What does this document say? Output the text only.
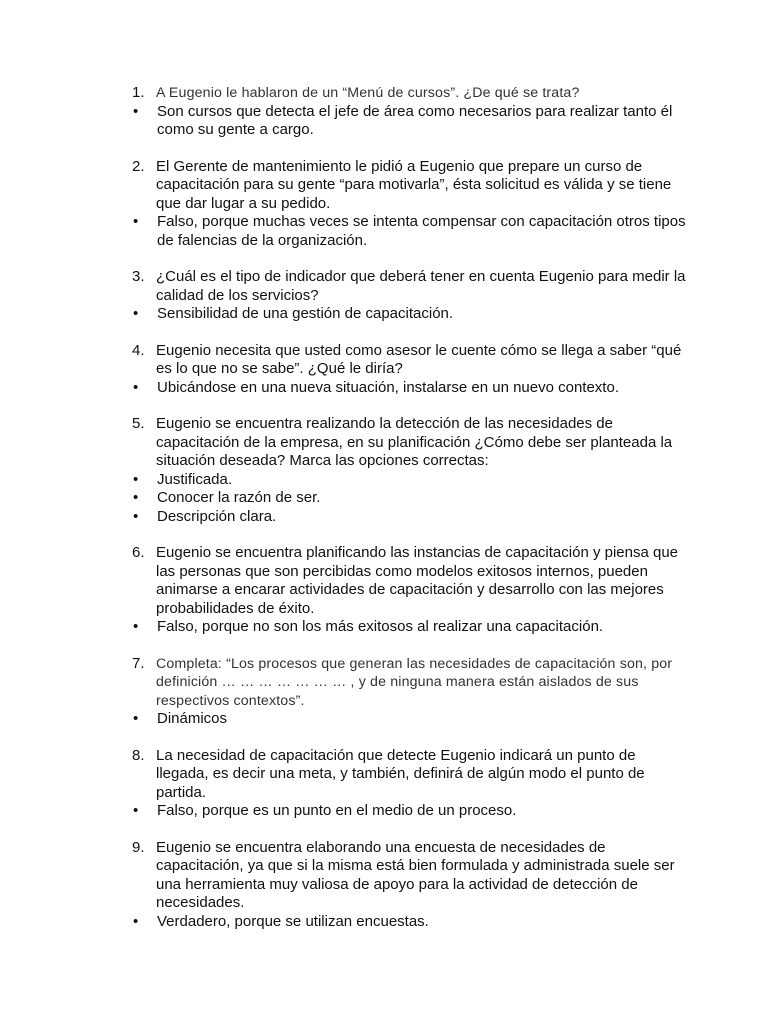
1. A Eugenio le hablaron de un “Menú de cursos”. ¿De qué se trata?
•	Son cursos que detecta el jefe de área como necesarios para realizar tanto él como su gente a cargo.
2. El Gerente de mantenimiento le pidió a Eugenio que prepare un curso de capacitación para su gente “para motivarla”, ésta solicitud es válida y se tiene que dar lugar a su pedido.
•	Falso, porque muchas veces se intenta compensar con capacitación otros tipos de falencias de la organización.
3. ¿Cuál es el tipo de indicador que deberá tener en cuenta Eugenio para medir la calidad de los servicios?
•	Sensibilidad de una gestión de capacitación.
4. Eugenio necesita que usted como asesor le cuente cómo se llega a saber “qué es lo que no se sabe”. ¿Qué le diría?
•	Ubicándose en una nueva situación, instalarse en un nuevo contexto.
5. Eugenio se encuentra realizando la detección de las necesidades de capacitación de la empresa, en su planificación ¿Cómo debe ser planteada la situación deseada? Marca las opciones correctas:
•	Justificada.
•	Conocer la razón de ser.
•	Descripción clara.
6. Eugenio se encuentra planificando las instancias de capacitación y piensa que las personas que son percibidas como modelos exitosos internos, pueden animarse a encarar actividades de capacitación y desarrollo con las mejores probabilidades de éxito.
•	Falso, porque no son los más exitosos al realizar una capacitación.
7. Completa: “Los procesos que generan las necesidades de capacitación son, por definición … … … … … … … , y de ninguna manera están aislados de sus respectivos contextos”.
•	Dinámicos
8. La necesidad de capacitación que detecte Eugenio indicará un punto de llegada, es decir una meta, y también, definirá de algún modo el punto de partida.
•	Falso, porque es un punto en el medio de un proceso.
9. Eugenio se encuentra elaborando una encuesta de necesidades de capacitación, ya que si la misma está bien formulada y administrada suele ser una herramienta muy valiosa de apoyo para la actividad de detección de necesidades.
•	Verdadero, porque se utilizan encuestas.
